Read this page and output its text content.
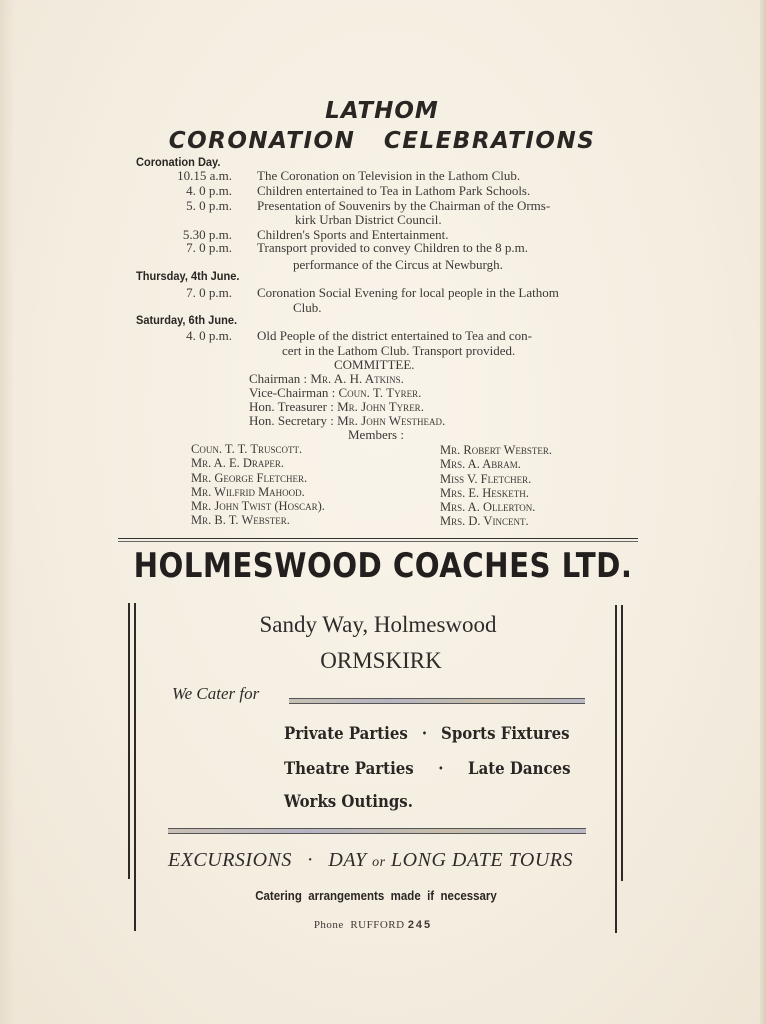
LATHOM
CORONATION   CELEBRATIONS
Coronation Day.
10.15 a.m. The Coronation on Television in the Lathom Club.
4. 0 p.m. Children entertained to Tea in Lathom Park Schools.
5. 0 p.m. Presentation of Souvenirs by the Chairman of the Orms-
kirk Urban District Council.
5.30 p.m. Children's Sports and Entertainment.
7. 0 p.m. Transport provided to convey Children to the 8 p.m.
performance of the Circus at Newburgh.
Thursday, 4th June.
7. 0 p.m. Coronation Social Evening for local people in the Lathom
Club.
Saturday, 6th June.
4. 0 p.m. Old People of the district entertained to Tea and con-
cert in the Lathom Club. Transport provided.
COMMITTEE.
Chairman : Mr. A. H. Atkins.
Vice-Chairman : Coun. T. Tyrer.
Hon. Treasurer : Mr. John Tyrer.
Hon. Secretary : Mr. John Westhead.
Members :
Coun. T. T. Truscott.
Mr. A. E. Draper.
Mr. George Fletcher.
Mr. Wilfrid Mahood.
Mr. John Twist (Hoscar).
Mr. B. T. Webster.
Mr. Robert Webster.
Mrs. A. Abram.
Miss V. Fletcher.
Mrs. E. Hesketh.
Mrs. A. Ollerton.
Mrs. D. Vincent.
HOLMESWOOD COACHES LTD.
Sandy Way, Holmeswood
ORMSKIRK
We Cater for
Private Parties · Sports Fixtures
Theatre Parties · Late Dances
Works Outings.
EXCURSIONS · DAY or LONG DATE TOURS
Catering  arrangements  made  if  necessary
Phone  RUFFORD 245
